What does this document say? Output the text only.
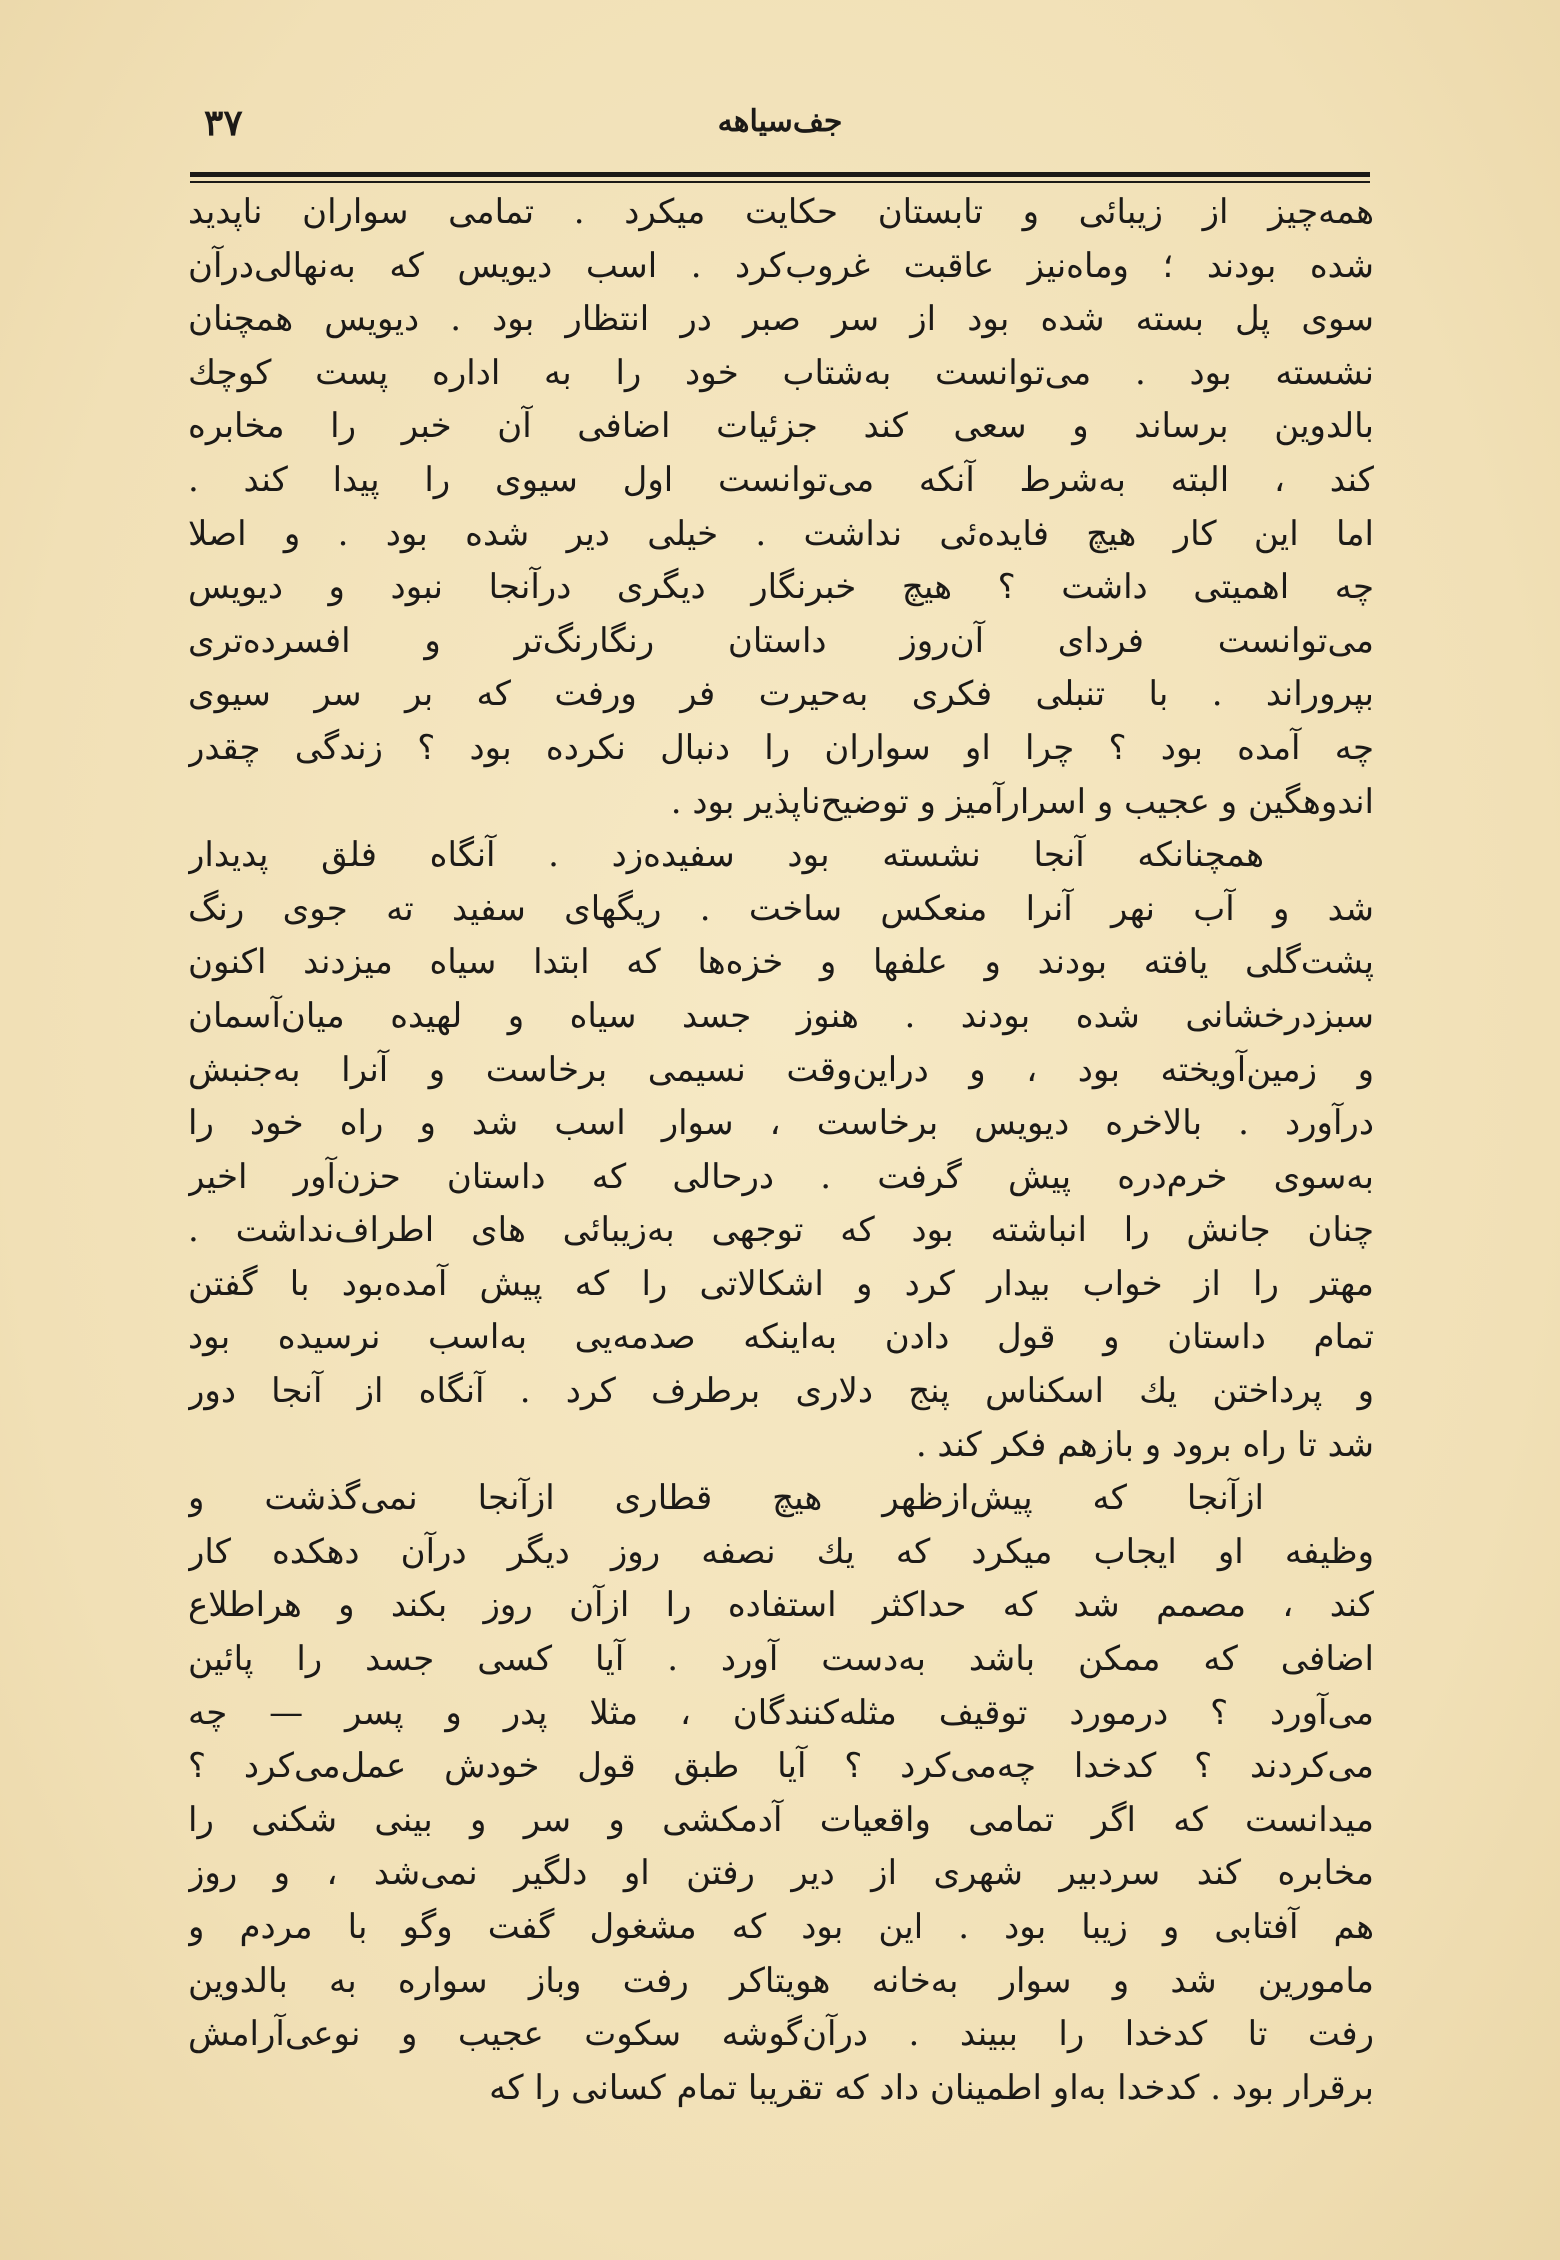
۳۷	جف‌سیاهه
همه‌چیز از زیبائی و تابستان حکایت میکرد . تمامی سواران ناپدید
شده بودند ؛ وماه‌نیز عاقبت غروب‌کرد . اسب دیویس که به‌نهالی‌در‌آن
سوی پل بسته شده بود از سر صبر در انتظار بود . دیویس همچنان
نشسته بود . می‌توانست به‌شتاب خود را به اداره پست کوچك
بالدوین برساند و سعی کند جزئیات اضافی آن خبر را مخابره
کند ، البته به‌شرط آنکه می‌توانست اول سیوی را پیدا کند .
اما این کار هیچ فایده‌ئی نداشت . خیلی دیر شده بود . و اصلا
چه اهمیتی داشت ؟ هیچ خبرنگار دیگری در‌آنجا نبود و دیویس
می‌توانست فردای آن‌روز داستان رنگارنگ‌تر و افسرده‌تری
بپروراند . با تنبلی فکری به‌حیرت فر ورفت که بر سر سیوی
چه آمده بود ؟ چرا او سواران را دنبال نکرده بود ؟ زندگی چقدر
اندوهگین و عجیب و اسرارآمیز و توضیح‌ناپذیر بود .
همچنانکه آنجا نشسته بود سفیده‌زد . آنگاه فلق پدیدار
شد و آب نهر آنرا منعکس ساخت . ریگهای سفید ته جوی رنگ
پشت‌گلی یافته بودند و علفها و خزه‌ها که ابتدا سیاه میزدند اکنون
سبزدرخشانی شده بودند . هنوز جسد سیاه و لهیده میان‌آسمان
و زمین‌آویخته بود ، و دراین‌وقت نسیمی برخاست و آنرا به‌جنبش
درآورد . بالاخره دیویس برخاست ، سوار اسب شد و راه خود را
به‌سوی خرم‌دره پیش گرفت . درحالی که داستان حزن‌آور اخیر
چنان جانش را انباشته بود که توجهی به‌زیبائی های اطراف‌نداشت .
مهتر را از خواب بیدار کرد و اشکالاتی را که پیش آمده‌بود با گفتن
تمام داستان و قول دادن به‌اینکه صدمه‌یی به‌اسب نرسیده بود
و پرداختن یك اسکناس پنج دلاری برطرف کرد . آنگاه از آنجا دور
شد تا راه برود و بازهم فکر کند .
ازآنجا که پیش‌ازظهر هیچ قطاری ازآنجا نمی‌گذشت و
وظیفه او ایجاب میکرد که یك نصفه روز دیگر در‌آن دهکده کار
کند ، مصمم شد که حداکثر استفاده را ازآن روز بکند و هراطلاع
اضافی که ممکن باشد به‌دست آورد . آیا کسی جسد را پائین
می‌آورد ؟ درمورد توقیف مثله‌کنندگان ، مثلا پدر و پسر — چه
می‌کردند ؟ کدخدا چه‌می‌کرد ؟ آیا طبق قول خودش عمل‌می‌کرد ؟
میدانست که اگر تمامی واقعیات آدمکشی و سر و بینی شکنی را
مخابره کند سردبیر شهری از دیر رفتن او دلگیر نمی‌شد ، و روز
هم آفتابی و زیبا بود . این بود که مشغول گفت وگو با مردم و
مامورین شد و سوار به‌خانه هویتاکر رفت وباز سواره به بالدوین
رفت تا کدخدا را ببیند . در‌آن‌گوشه سکوت عجیب و نوعی‌آرامش
برقرار بود . کدخدا به‌او اطمینان داد که تقریبا تمام کسانی را که
